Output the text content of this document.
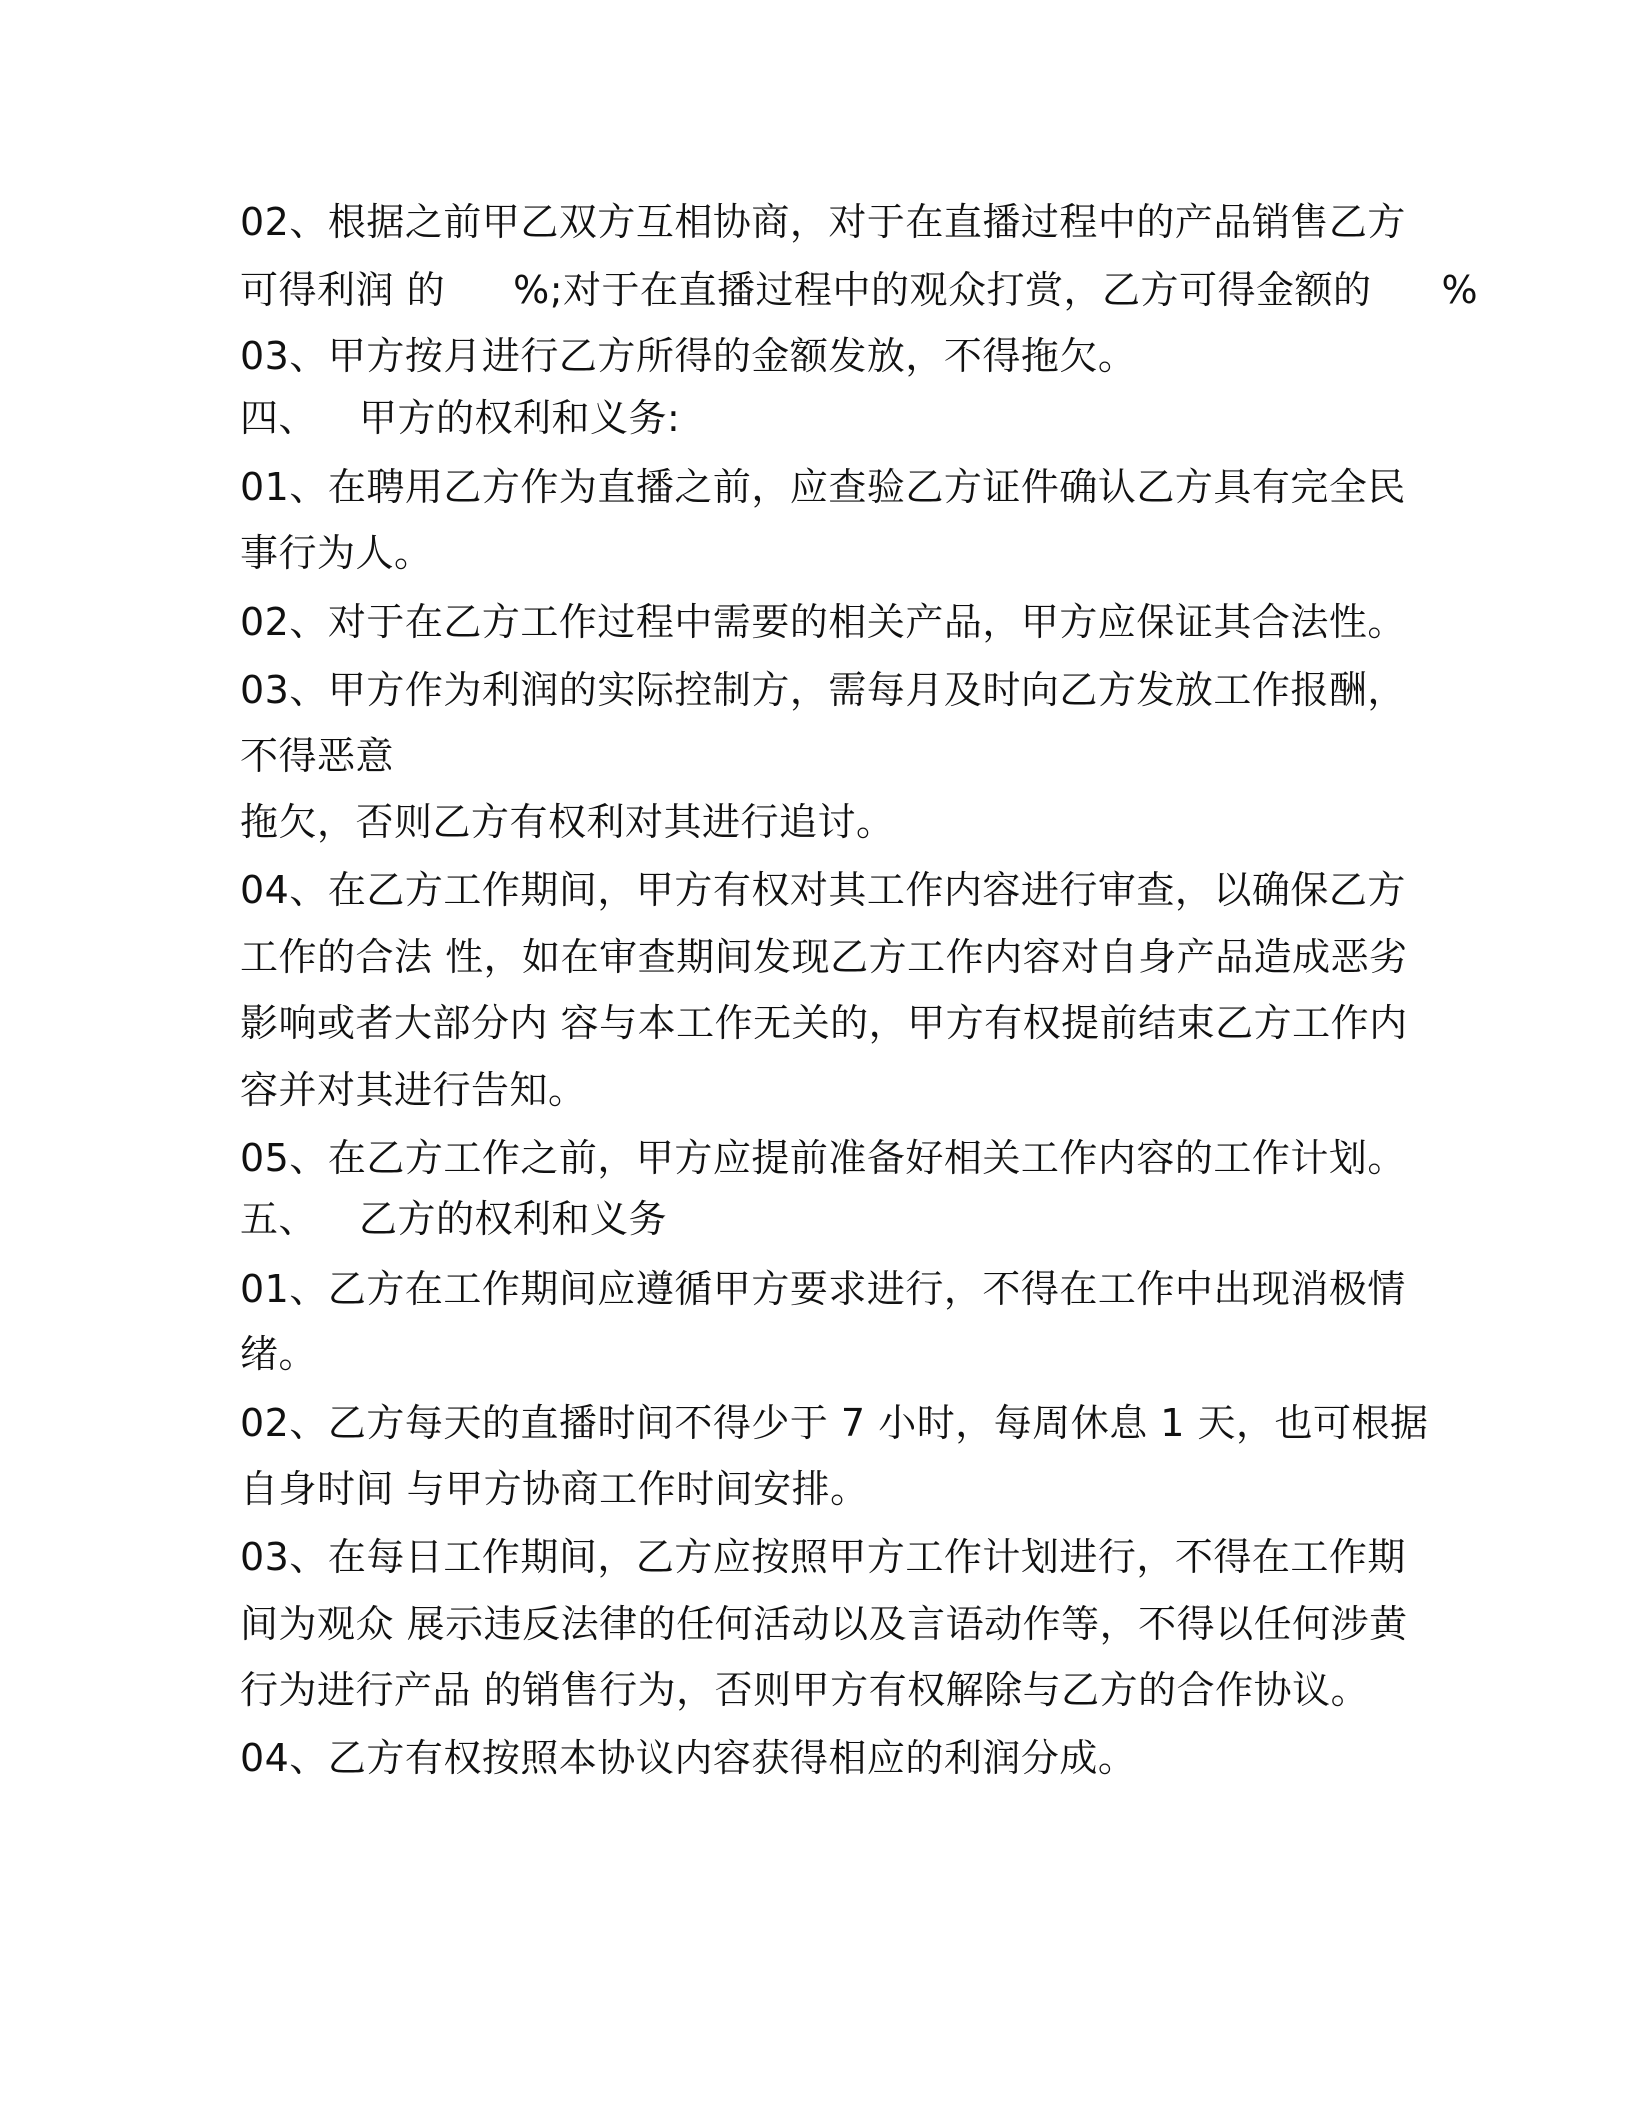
02、根据之前甲乙双方互相协商，对于在直播过程中的产品销售乙方

可得利润 的 %;对于在直播过程中的观众打赏，乙方可得金额的 %

03、甲方按月进行乙方所得的金额发放，不得拖欠。

四、 甲方的权利和义务:

01、在聘用乙方作为直播之前，应查验乙方证件确认乙方具有完全民

事行为人。

02、对于在乙方工作过程中需要的相关产品，甲方应保证其合法性。

03、甲方作为利润的实际控制方，需每月及时向乙方发放工作报酬，

不得恶意

拖欠，否则乙方有权利对其进行追讨。

04、在乙方工作期间，甲方有权对其工作内容进行审查，以确保乙方

工作的合法 性，如在审查期间发现乙方工作内容对自身产品造成恶劣

影响或者大部分内 容与本工作无关的，甲方有权提前结束乙方工作内

容并对其进行告知。

05、在乙方工作之前，甲方应提前准备好相关工作内容的工作计划。

五、 乙方的权利和义务

01、乙方在工作期间应遵循甲方要求进行，不得在工作中出现消极情

绪。

02、乙方每天的直播时间不得少于 7 小时，每周休息 1 天，也可根据

自身时间 与甲方协商工作时间安排。

03、在每日工作期间，乙方应按照甲方工作计划进行，不得在工作期

间为观众 展示违反法律的任何活动以及言语动作等，不得以任何涉黄

行为进行产品 的销售行为，否则甲方有权解除与乙方的合作协议。

04、乙方有权按照本协议内容获得相应的利润分成。
